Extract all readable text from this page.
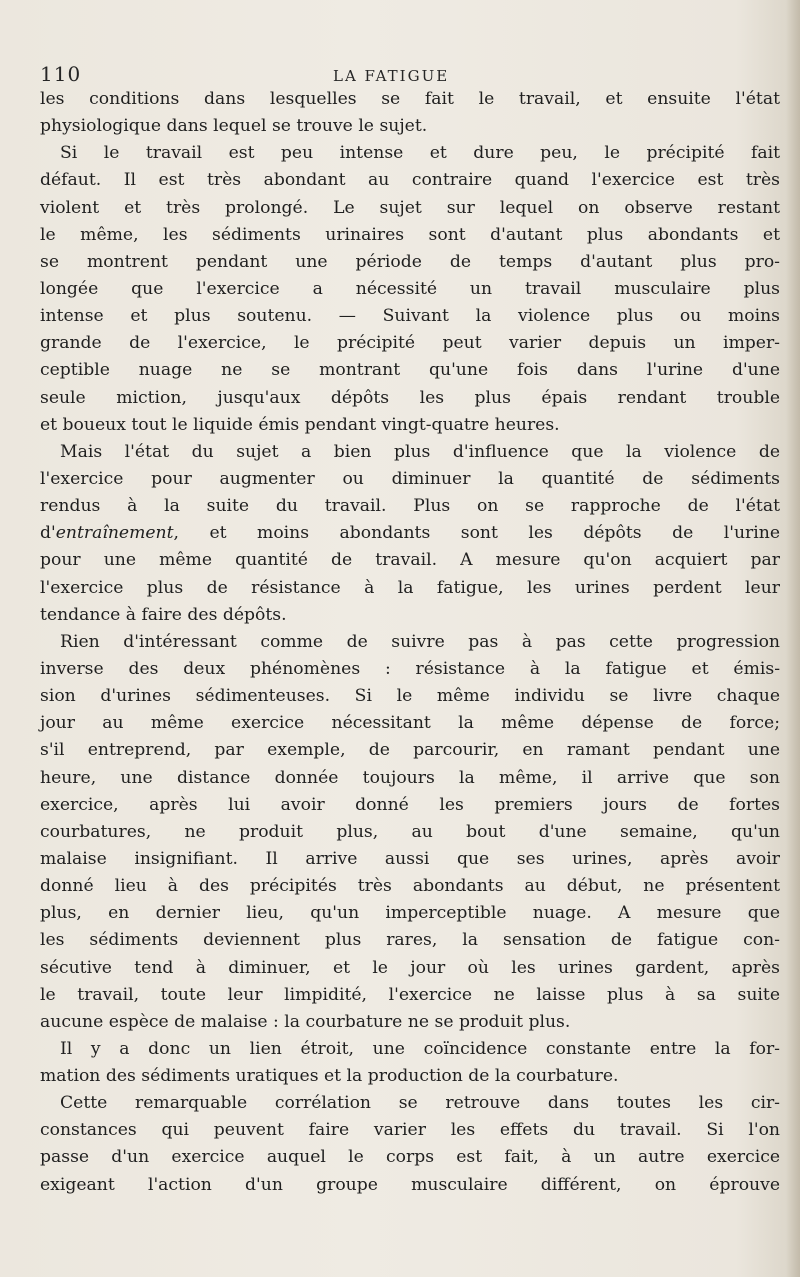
110	LA FATIGUE
les conditions dans lesquelles se fait le travail, et ensuite l'état
physiologique dans lequel se trouve le sujet.
Si le travail est peu intense et dure peu, le précipité fait
défaut. Il est très abondant au contraire quand l'exercice est très
violent et très prolongé. Le sujet sur lequel on observe restant
le même, les sédiments urinaires sont d'autant plus abondants et
se montrent pendant une période de temps d'autant plus pro-
longée que l'exercice a nécessité un travail musculaire plus
intense et plus soutenu. — Suivant la violence plus ou moins
grande de l'exercice, le précipité peut varier depuis un imper-
ceptible nuage ne se montrant qu'une fois dans l'urine d'une
seule miction, jusqu'aux dépôts les plus épais rendant trouble
et boueux tout le liquide émis pendant vingt-quatre heures.
Mais l'état du sujet a bien plus d'influence que la violence de
l'exercice pour augmenter ou diminuer la quantité de sédiments
rendus à la suite du travail. Plus on se rapproche de l'état
d'entraînement, et moins abondants sont les dépôts de l'urine
pour une même quantité de travail. A mesure qu'on acquiert par
l'exercice plus de résistance à la fatigue, les urines perdent leur
tendance à faire des dépôts.
Rien d'intéressant comme de suivre pas à pas cette progression
inverse des deux phénomènes : résistance à la fatigue et émis-
sion d'urines sédimenteuses. Si le même individu se livre chaque
jour au même exercice nécessitant la même dépense de force;
s'il entreprend, par exemple, de parcourir, en ramant pendant une
heure, une distance donnée toujours la même, il arrive que son
exercice, après lui avoir donné les premiers jours de fortes
courbatures, ne produit plus, au bout d'une semaine, qu'un
malaise insignifiant. Il arrive aussi que ses urines, après avoir
donné lieu à des précipités très abondants au début, ne présentent
plus, en dernier lieu, qu'un imperceptible nuage. A mesure que
les sédiments deviennent plus rares, la sensation de fatigue con-
sécutive tend à diminuer, et le jour où les urines gardent, après
le travail, toute leur limpidité, l'exercice ne laisse plus à sa suite
aucune espèce de malaise : la courbature ne se produit plus.
Il y a donc un lien étroit, une coïncidence constante entre la for-
mation des sédiments uratiques et la production de la courbature.
Cette remarquable corrélation se retrouve dans toutes les cir-
constances qui peuvent faire varier les effets du travail. Si l'on
passe d'un exercice auquel le corps est fait, à un autre exercice
exigeant l'action d'un groupe musculaire différent, on éprouve
